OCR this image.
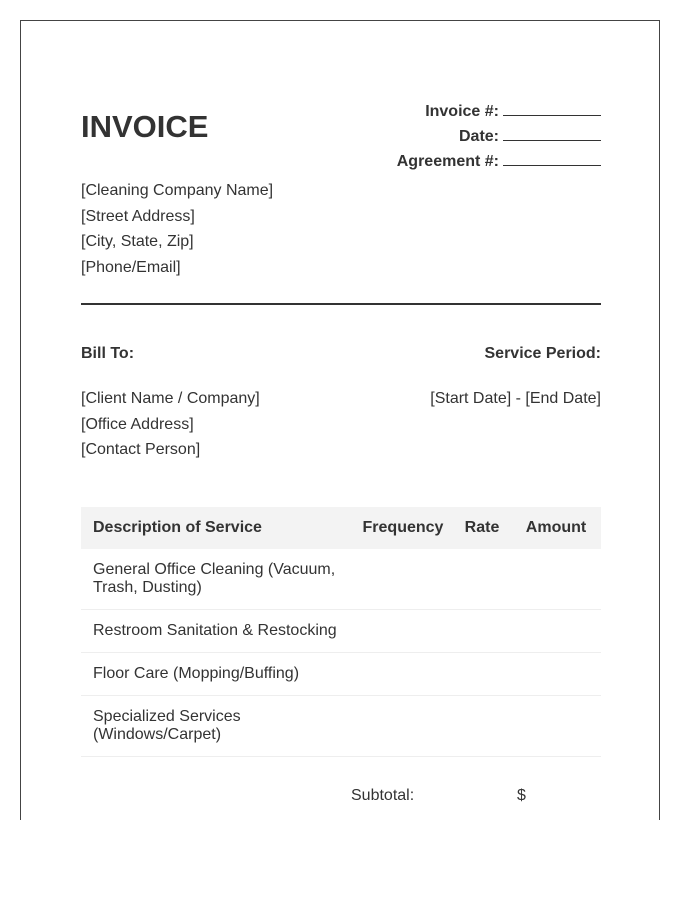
INVOICE	Invoice #:
Date:
Agreement #:
[Cleaning Company Name]
[Street Address]
[City, State, Zip]
[Phone/Email]
Bill To:	Service Period:
[Client Name / Company]
[Office Address]
[Contact Person]
[Start Date] - [End Date]
Description of Service	Frequency	Rate	Amount
General Office Cleaning (Vacuum, Trash, Dusting)			
Restroom Sanitation & Restocking			
Floor Care (Mopping/Buffing)			
Specialized Services (Windows/Carpet)			
Subtotal:	$
